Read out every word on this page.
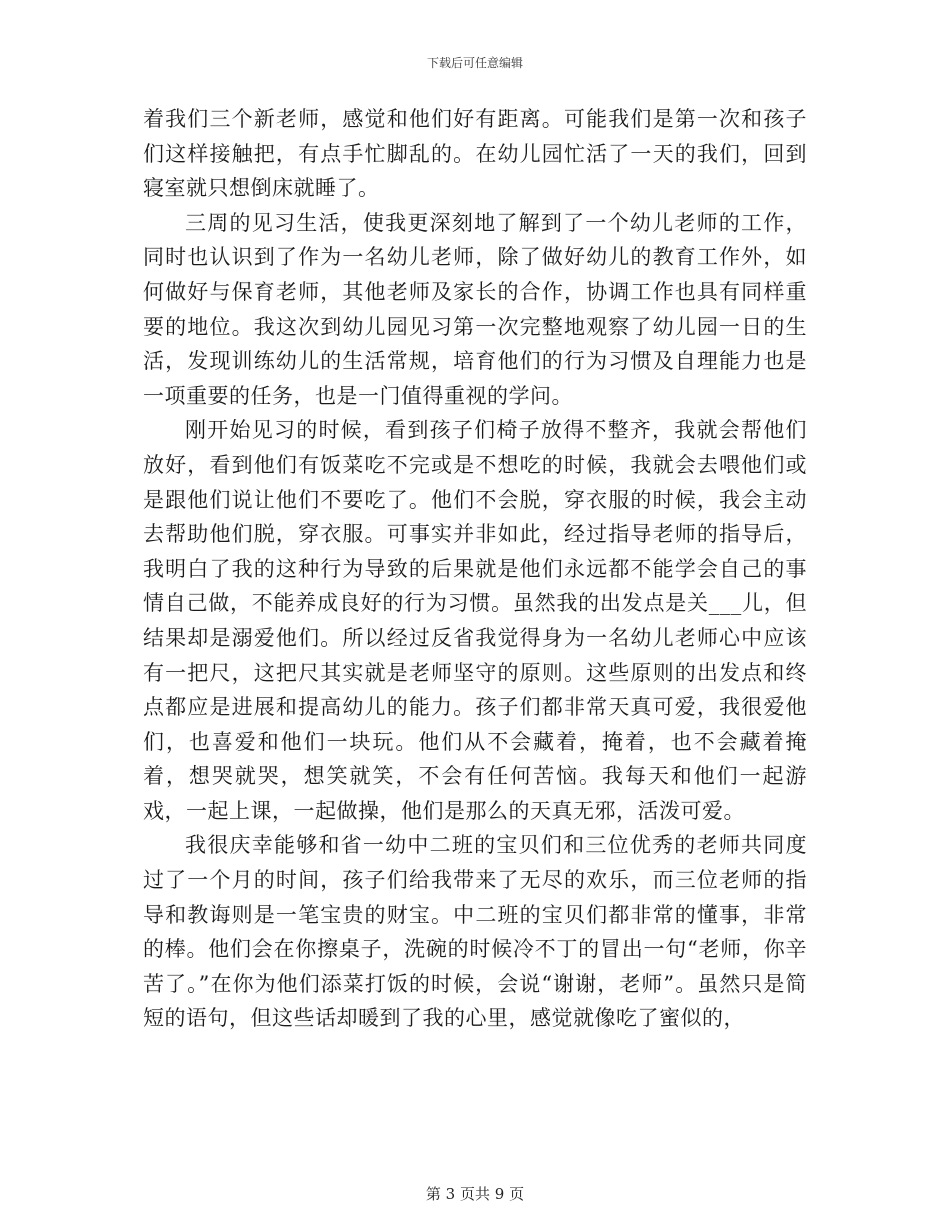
下载后可任意编辑

着我们三个新老师，感觉和他们好有距离。可能我们是第一次和孩子们这样接触把，有点手忙脚乱的。在幼儿园忙活了一天的我们，回到寝室就只想倒床就睡了。

三周的见习生活，使我更深刻地了解到了一个幼儿老师的工作，同时也认识到了作为一名幼儿老师，除了做好幼儿的教育工作外，如何做好与保育老师，其他老师及家长的合作，协调工作也具有同样重要的地位。我这次到幼儿园见习第一次完整地观察了幼儿园一日的生活，发现训练幼儿的生活常规，培育他们的行为习惯及自理能力也是一项重要的任务，也是一门值得重视的学问。

刚开始见习的时候，看到孩子们椅子放得不整齐，我就会帮他们放好，看到他们有饭菜吃不完或是不想吃的时候，我就会去喂他们或是跟他们说让他们不要吃了。他们不会脱，穿衣服的时候，我会主动去帮助他们脱，穿衣服。可事实并非如此，经过指导老师的指导后，我明白了我的这种行为导致的后果就是他们永远都不能学会自己的事情自己做，不能养成良好的行为习惯。虽然我的出发点是关___儿，但结果却是溺爱他们。所以经过反省我觉得身为一名幼儿老师心中应该有一把尺，这把尺其实就是老师坚守的原则。这些原则的出发点和终点都应是进展和提高幼儿的能力。孩子们都非常天真可爱，我很爱他们，也喜爱和他们一块玩。他们从不会藏着，掩着，也不会藏着掩着，想哭就哭，想笑就笑，不会有任何苦恼。我每天和他们一起游戏，一起上课，一起做操，他们是那么的天真无邪，活泼可爱。

我很庆幸能够和省一幼中二班的宝贝们和三位优秀的老师共同度过了一个月的时间，孩子们给我带来了无尽的欢乐，而三位老师的指导和教诲则是一笔宝贵的财宝。中二班的宝贝们都非常的懂事，非常的棒。他们会在你擦桌子，洗碗的时候冷不丁的冒出一句“老师，你辛苦了。”在你为他们添菜打饭的时候，会说“谢谢，老师”。虽然只是简短的语句，但这些话却暖到了我的心里，感觉就像吃了蜜似的，

第 3 页共 9 页
